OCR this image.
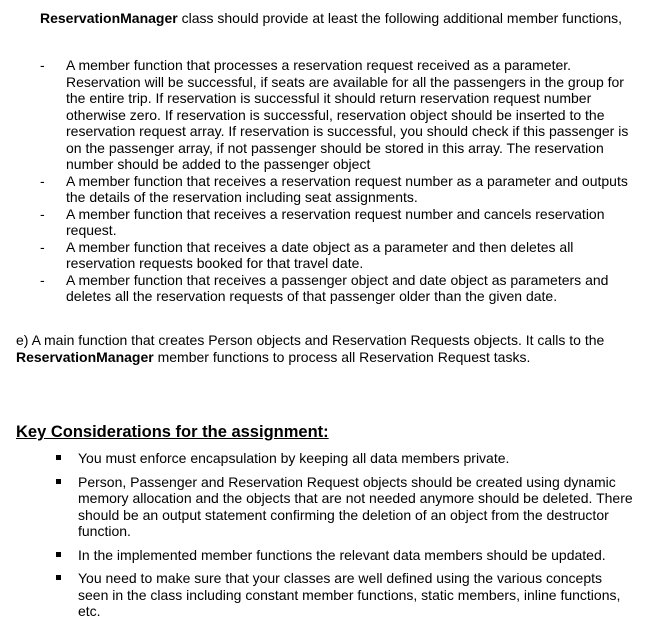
ReservationManager class should provide at least the following additional member functions,

- A member function that processes a reservation request received as a parameter. Reservation will be successful, if seats are available for all the passengers in the group for the entire trip. If reservation is successful it should return reservation request number otherwise zero. If reservation is successful, reservation object should be inserted to the reservation request array. If reservation is successful, you should check if this passenger is on the passenger array, if not passenger should be stored in this array. The reservation number should be added to the passenger object
- A member function that receives a reservation request number as a parameter and outputs the details of the reservation including seat assignments.
- A member function that receives a reservation request number and cancels reservation request.
- A member function that receives a date object as a parameter and then deletes all reservation requests booked for that travel date.
- A member function that receives a passenger object and date object as parameters and deletes all the reservation requests of that passenger older than the given date.

e) A main function that creates Person objects and Reservation Requests objects. It calls to the ReservationManager member functions to process all Reservation Request tasks.

Key Considerations for the assignment:
You must enforce encapsulation by keeping all data members private.
Person, Passenger and Reservation Request objects should be created using dynamic memory allocation and the objects that are not needed anymore should be deleted. There should be an output statement confirming the deletion of an object from the destructor function.
In the implemented member functions the relevant data members should be updated.
You need to make sure that your classes are well defined using the various concepts seen in the class including constant member functions, static members, inline functions, etc.
